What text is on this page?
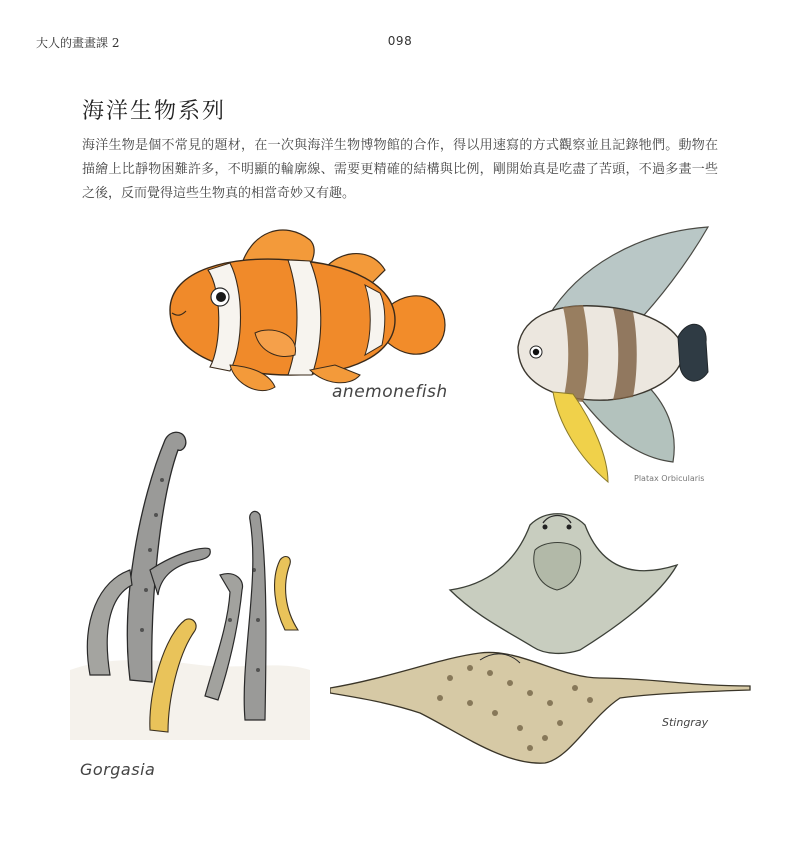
大人的畫畫課 2	098
海洋生物系列
海洋生物是個不常見的題材，在一次與海洋生物博物館的合作，得以用速寫的方式觀察並且記錄牠們。動物在描繪上比靜物困難許多，不明顯的輪廓線、需要更精確的結構與比例，剛開始真是吃盡了苦頭，不過多畫一些之後，反而覺得這些生物真的相當奇妙又有趣。
anemonefish
Platax Orbicularis
Gorgasia
Stingray
